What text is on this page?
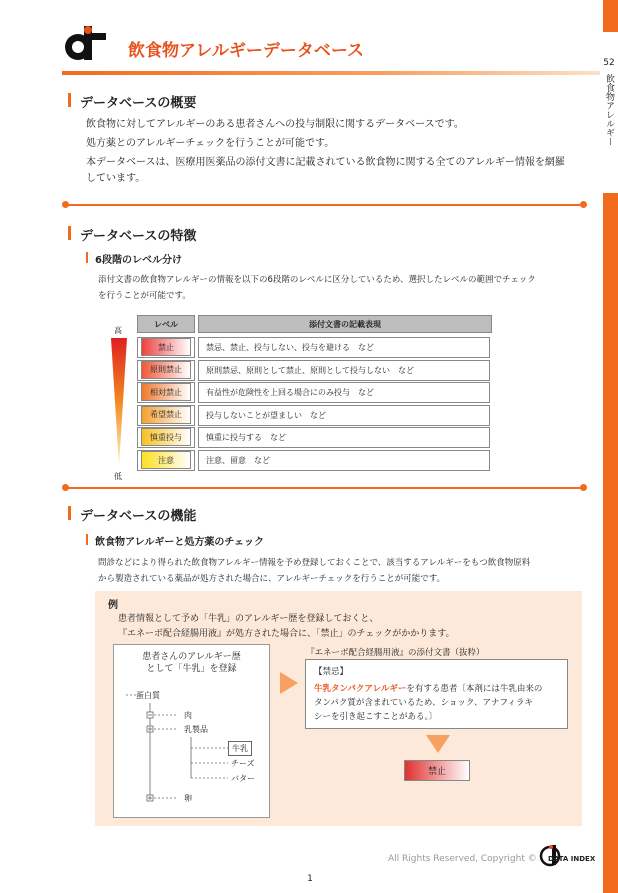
52
飲食物アレルギー
飲食物アレルギーデータベース
データベースの概要
飲食物に対してアレルギーのある患者さんへの投与制限に関するデータベースです。
処方薬とのアレルギーチェックを行うことが可能です。
本データベースは、医療用医薬品の添付文書に記載されている飲食物に関する全てのアレルギー情報を網羅
しています。
データベースの特徴
6段階のレベル分け
添付文書の飲食物アレルギーの情報を以下の6段階のレベルに区分しているため、選択したレベルの範囲でチェック
を行うことが可能です。
高
低
レベル	添付文書の記載表現
禁止	禁忌、禁止、投与しない、投与を避ける　など
原則禁止	原則禁忌、原則として禁止、原則として投与しない　など
相対禁止	有益性が危険性を上回る場合にのみ投与　など
希望禁止	投与しないことが望ましい　など
慎重投与	慎重に投与する　など
注意	注意、留意　など
データベースの機能
飲食物アレルギーと処方薬のチェック
問診などにより得られた飲食物アレルギー情報を予め登録しておくことで、該当するアレルギーをもつ飲食物原料
から製造されている薬品が処方された場合に、アレルギーチェックを行うことが可能です。
例
患者情報として予め「牛乳」のアレルギー歴を登録しておくと、
『エネーボ配合経腸用液』が処方された場合に、「禁止」のチェックがかかります。
患者さんのアレルギー歴
として「牛乳」を登録
蛋白質
肉
乳製品
牛乳
チーズ
バター
卵
『エネーボ配合経腸用液』の添付文書（抜粋）
【禁忌】
牛乳タンパクアレルギーを有する患者〔本剤には牛乳由来の
タンパク質が含まれているため、ショック、アナフィラキ
シーを引き起こすことがある。〕
禁止
All Rights Reserved, Copyright © DATA INDEX
1
